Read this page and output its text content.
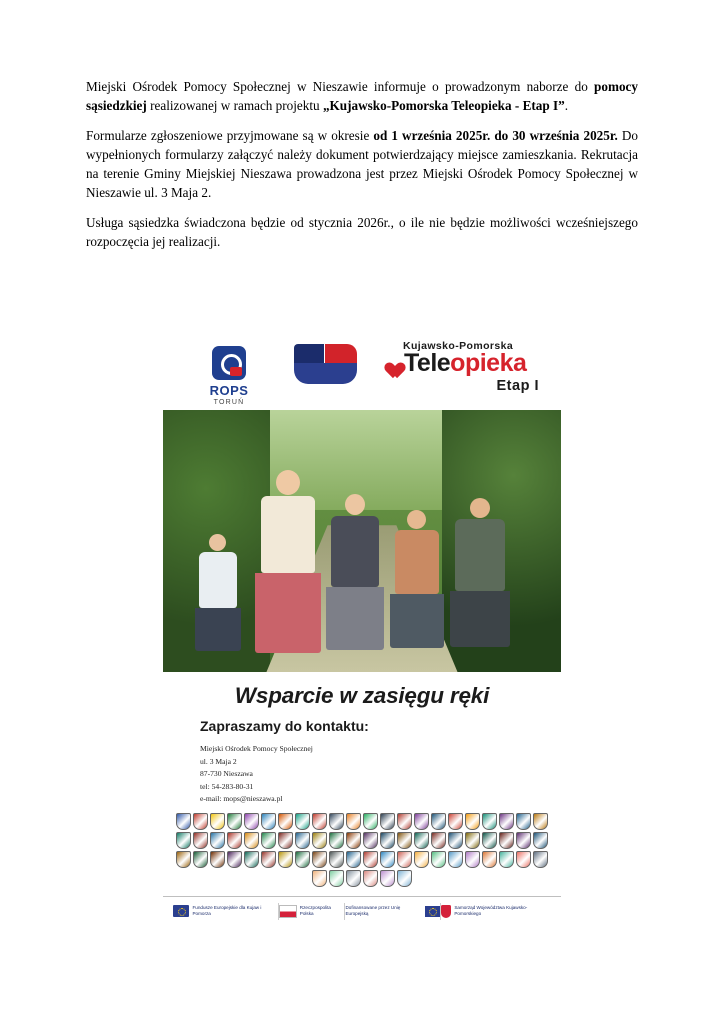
Miejski Ośrodek Pomocy Społecznej w Nieszawie informuje o prowadzonym naborze do pomocy sąsiedzkiej realizowanej w ramach projektu „Kujawsko-Pomorska Teleopieka - Etap I”.

Formularze zgłoszeniowe przyjmowane są w okresie od 1 września 2025r. do 30 września 2025r. Do wypełnionych formularzy załączyć należy dokument potwierdzający miejsce zamieszkania. Rekrutacja na terenie Gminy Miejskiej Nieszawa prowadzona jest przez Miejski Ośrodek Pomocy Społecznej w Nieszawie ul. 3 Maja 2.

Usługa sąsiedzka świadczona będzie od stycznia 2026r., o ile nie będzie możliwości wcześniejszego rozpoczęcia jej realizacji.

ROPS
TORUŃ
Kujawsko-Pomorska
Teleopieka
Etap I
Wsparcie w zasięgu ręki
Zapraszamy do kontaktu:
Miejski Ośrodek Pomocy Społecznej
ul. 3 Maja 2
87-730 Nieszawa
tel: 54-283-80-31
e-mail: mops@nieszawa.pl
Fundusze Europejskie dla Kujaw i Pomorza
Rzeczpospolita Polska
Dofinansowane przez Unię Europejską
Samorząd Województwa Kujawsko-Pomorskiego
